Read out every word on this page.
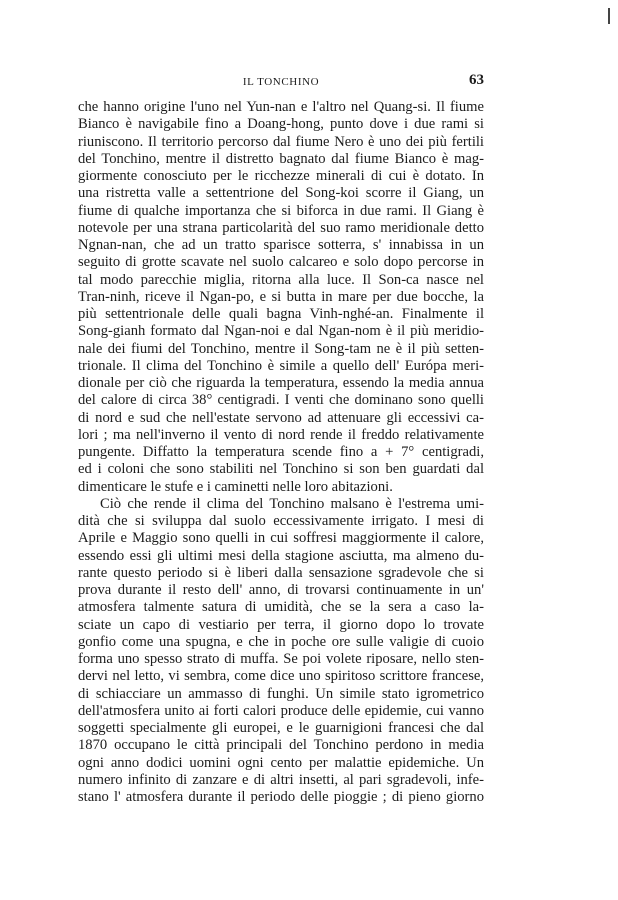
IL TONCHINO	63
che hanno origine l'uno nel Yun-nan e l'altro nel Quang-si. Il fiume
Bianco è navigabile fino a Doang-hong, punto dove i due rami si
riuniscono. Il territorio percorso dal fiume Nero è uno dei più fertili
del Tonchino, mentre il distretto bagnato dal fiume Bianco è mag-
giormente conosciuto per le ricchezze minerali di cui è dotato. In
una ristretta valle a settentrione del Song-koi scorre il Giang, un
fiume di qualche importanza che si biforca in due rami. Il Giang è
notevole per una strana particolarità del suo ramo meridionale detto
Ngnan-nan, che ad un tratto sparisce sotterra, s' innabissa in un
seguito di grotte scavate nel suolo calcareo e solo dopo percorse in
tal modo parecchie miglia, ritorna alla luce. Il Son-ca nasce nel
Tran-ninh, riceve il Ngan-po, e si butta in mare per due bocche, la
più settentrionale delle quali bagna Vinh-nghé-an. Finalmente il
Song-gianh formato dal Ngan-noi e dal Ngan-nom è il più meridio-
nale dei fiumi del Tonchino, mentre il Song-tam ne è il più setten-
trionale. Il clima del Tonchino è simile a quello dell' Európa meri-
dionale per ciò che riguarda la temperatura, essendo la media annua
del calore di circa 38° centigradi. I venti che dominano sono quelli
di nord e sud che nell'estate servono ad attenuare gli eccessivi ca-
lori ; ma nell'inverno il vento di nord rende il freddo relativamente
pungente. Diffatto la temperatura scende fino a + 7° centigradi,
ed i coloni che sono stabiliti nel Tonchino si son ben guardati dal
dimenticare le stufe e i caminetti nelle loro abitazioni.
Ciò che rende il clima del Tonchino malsano è l'estrema umi-
dità che si sviluppa dal suolo eccessivamente irrigato. I mesi di
Aprile e Maggio sono quelli in cui soffresi maggiormente il calore,
essendo essi gli ultimi mesi della stagione asciutta, ma almeno du-
rante questo periodo si è liberi dalla sensazione sgradevole che si
prova durante il resto dell' anno, di trovarsi continuamente in un'
atmosfera talmente satura di umidità, che se la sera a caso la-
sciate un capo di vestiario per terra, il giorno dopo lo trovate
gonfio come una spugna, e che in poche ore sulle valigie di cuoio
forma uno spesso strato di muffa. Se poi volete riposare, nello sten-
dervi nel letto, vi sembra, come dice uno spiritoso scrittore francese,
di schiacciare un ammasso di funghi. Un simile stato igrometrico
dell'atmosfera unito ai forti calori produce delle epidemie, cui vanno
soggetti specialmente gli europei, e le guarnigioni francesi che dal
1870 occupano le città principali del Tonchino perdono in media
ogni anno dodici uomini ogni cento per malattie epidemiche. Un
numero infinito di zanzare e di altri insetti, al pari sgradevoli, infe-
stano l' atmosfera durante il periodo delle pioggie ; di pieno giorno
